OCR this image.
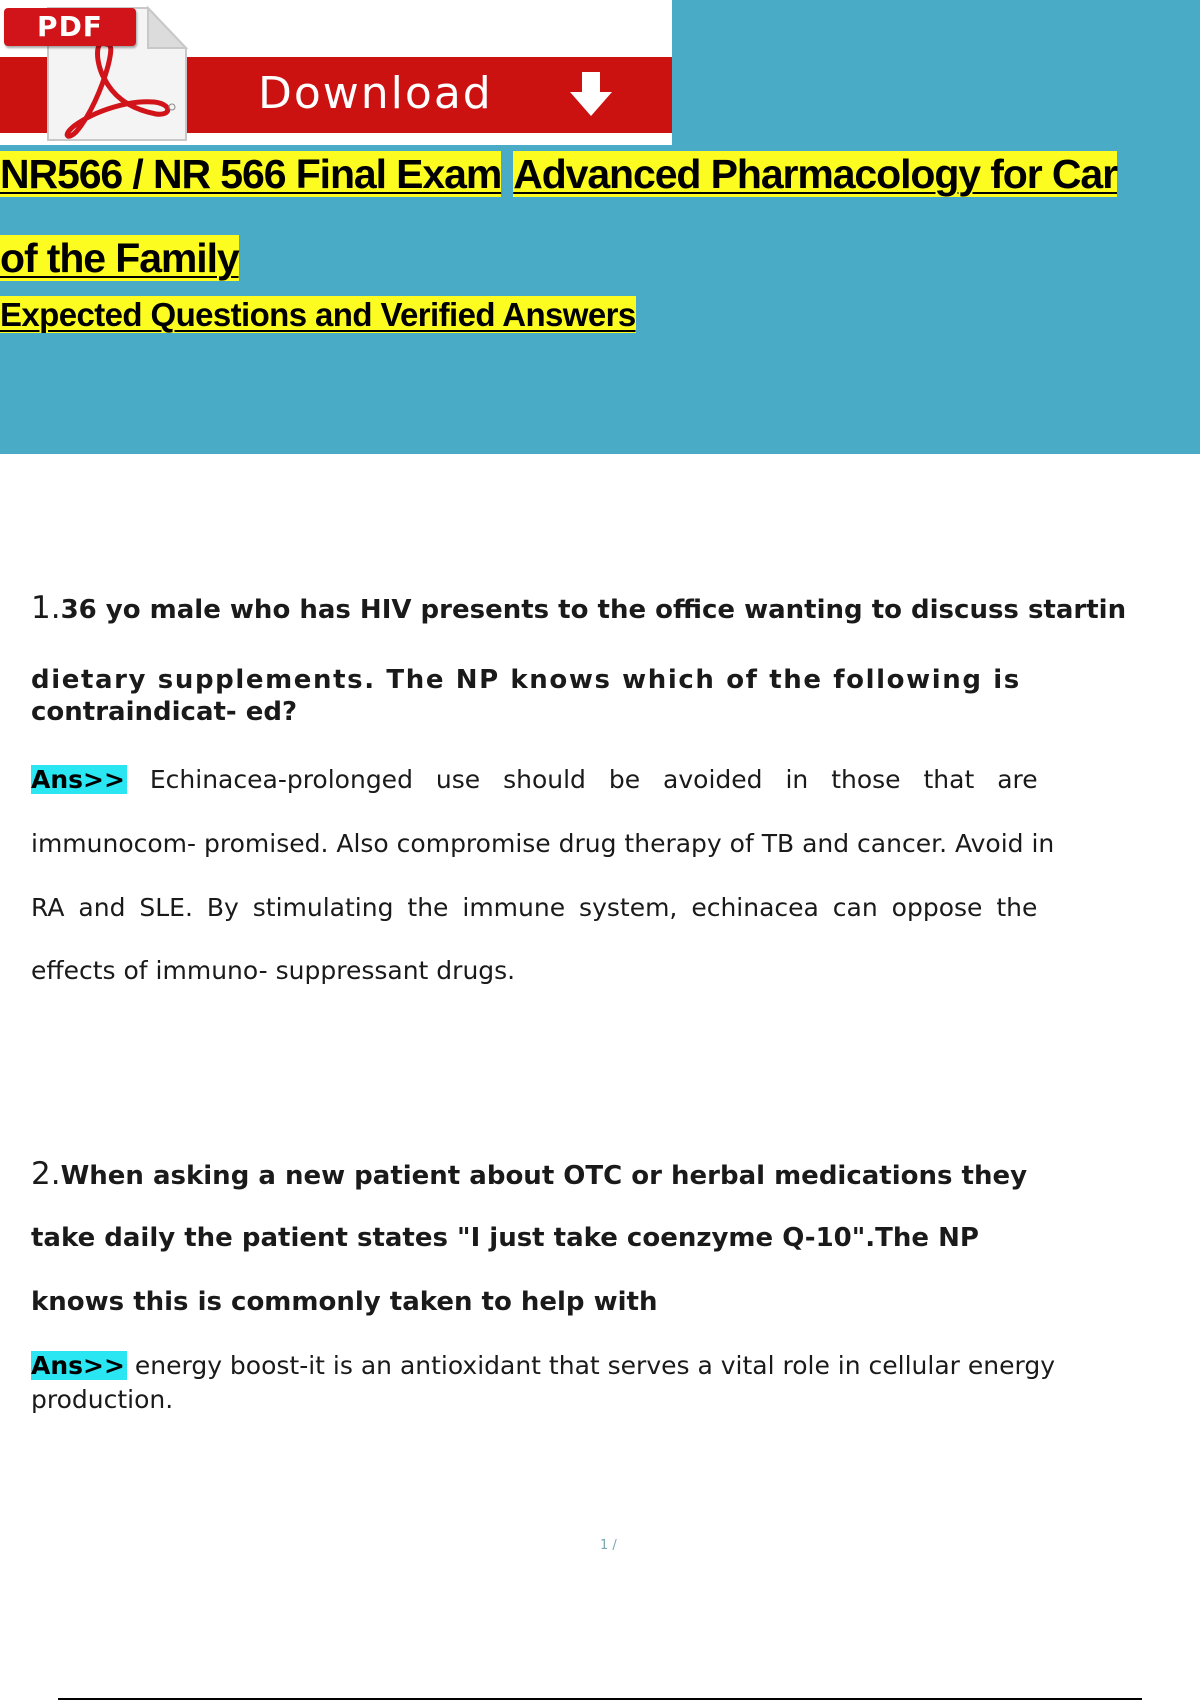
Download
PDF
NR566 / NR 566 Final Exam Advanced Pharmacology for Car
of the Family
Expected Questions and Verified Answers
1.36 yo male who has HIV presents to the office wanting to discuss startin
dietary supplements. The NP knows which of the following is
contraindicat- ed?
Ans>> Echinacea-prolonged use should be avoided in those that are
immunocom- promised. Also compromise drug therapy of TB and cancer. Avoid in
RA and SLE. By stimulating the immune system, echinacea can oppose the
effects of immuno- suppressant drugs.
2.When asking a new patient about OTC or herbal medications they
take daily the patient states "I just take coenzyme Q-10".The NP
knows this is commonly taken to help with
Ans>> energy boost-it is an antioxidant that serves a vital role in cellular energy
production.
1 /
